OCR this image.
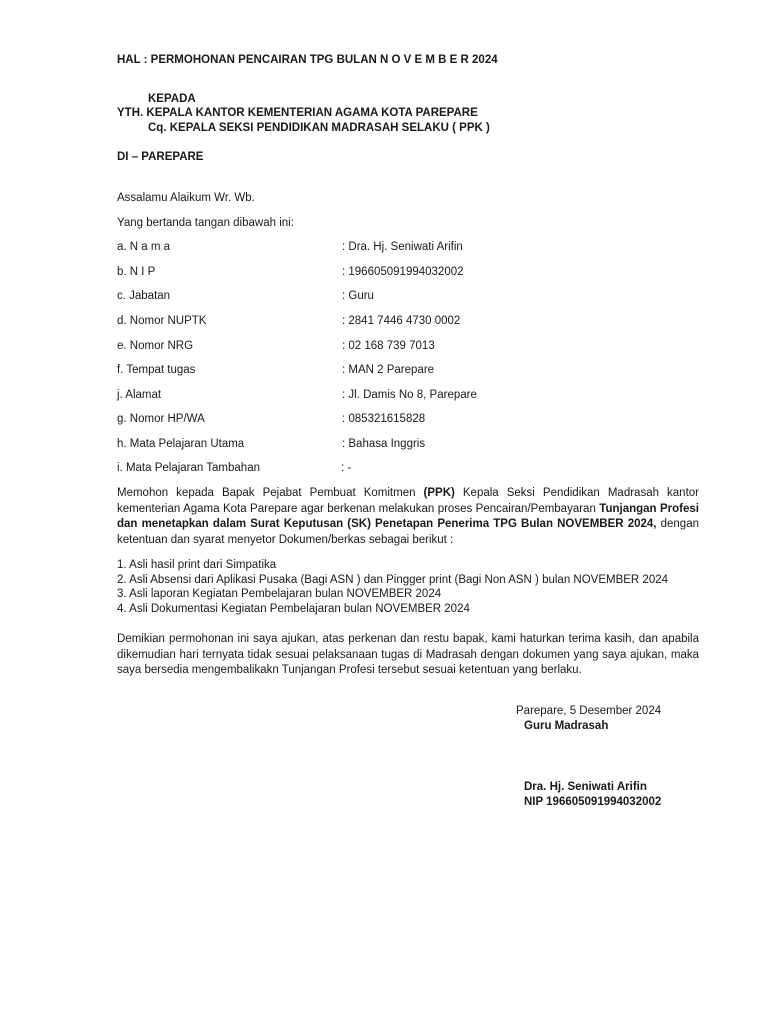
HAL : PERMOHONAN PENCAIRAN TPG BULAN N O V E M B E R 2024
KEPADA
YTH. KEPALA KANTOR KEMENTERIAN AGAMA KOTA PAREPARE
Cq. KEPALA SEKSI PENDIDIKAN MADRASAH SELAKU ( PPK )
DI – PAREPARE
Assalamu Alaikum Wr. Wb.
Yang bertanda tangan dibawah ini:
a. N a m a	: Dra. Hj. Seniwati Arifin
b. N I P	: 196605091994032002
c. Jabatan	: Guru
d. Nomor NUPTK	: 2841 7446 4730 0002
e. Nomor NRG	: 02 168 739 7013
f. Tempat tugas	: MAN 2 Parepare
j. Alamat	: Jl. Damis No 8, Parepare
g. Nomor HP/WA	: 085321615828
h. Mata Pelajaran Utama	: Bahasa Inggris
i. Mata Pelajaran Tambahan	: -
Memohon kepada Bapak Pejabat Pembuat Komitmen (PPK) Kepala Seksi Pendidikan Madrasah kantor kementerian Agama Kota Parepare agar berkenan melakukan proses Pencairan/Pembayaran Tunjangan Profesi dan menetapkan dalam Surat Keputusan (SK) Penetapan Penerima TPG Bulan NOVEMBER 2024, dengan ketentuan dan syarat menyetor Dokumen/berkas sebagai berikut :
1. Asli hasil print dari Simpatika
2. Asli Absensi dari Aplikasi Pusaka (Bagi ASN ) dan Pingger print (Bagi Non ASN ) bulan NOVEMBER 2024
3. Asli laporan Kegiatan Pembelajaran bulan NOVEMBER 2024
4. Asli Dokumentasi Kegiatan Pembelajaran bulan NOVEMBER 2024
Demikian permohonan ini saya ajukan, atas perkenan dan restu bapak, kami haturkan terima kasih, dan apabila dikemudian hari ternyata tidak sesuai pelaksanaan tugas di Madrasah dengan dokumen yang saya ajukan, maka saya bersedia mengembalikakn Tunjangan Profesi tersebut sesuai ketentuan yang berlaku.
Parepare, 5 Desember 2024
Guru Madrasah
Dra. Hj. Seniwati Arifin
NIP 196605091994032002
